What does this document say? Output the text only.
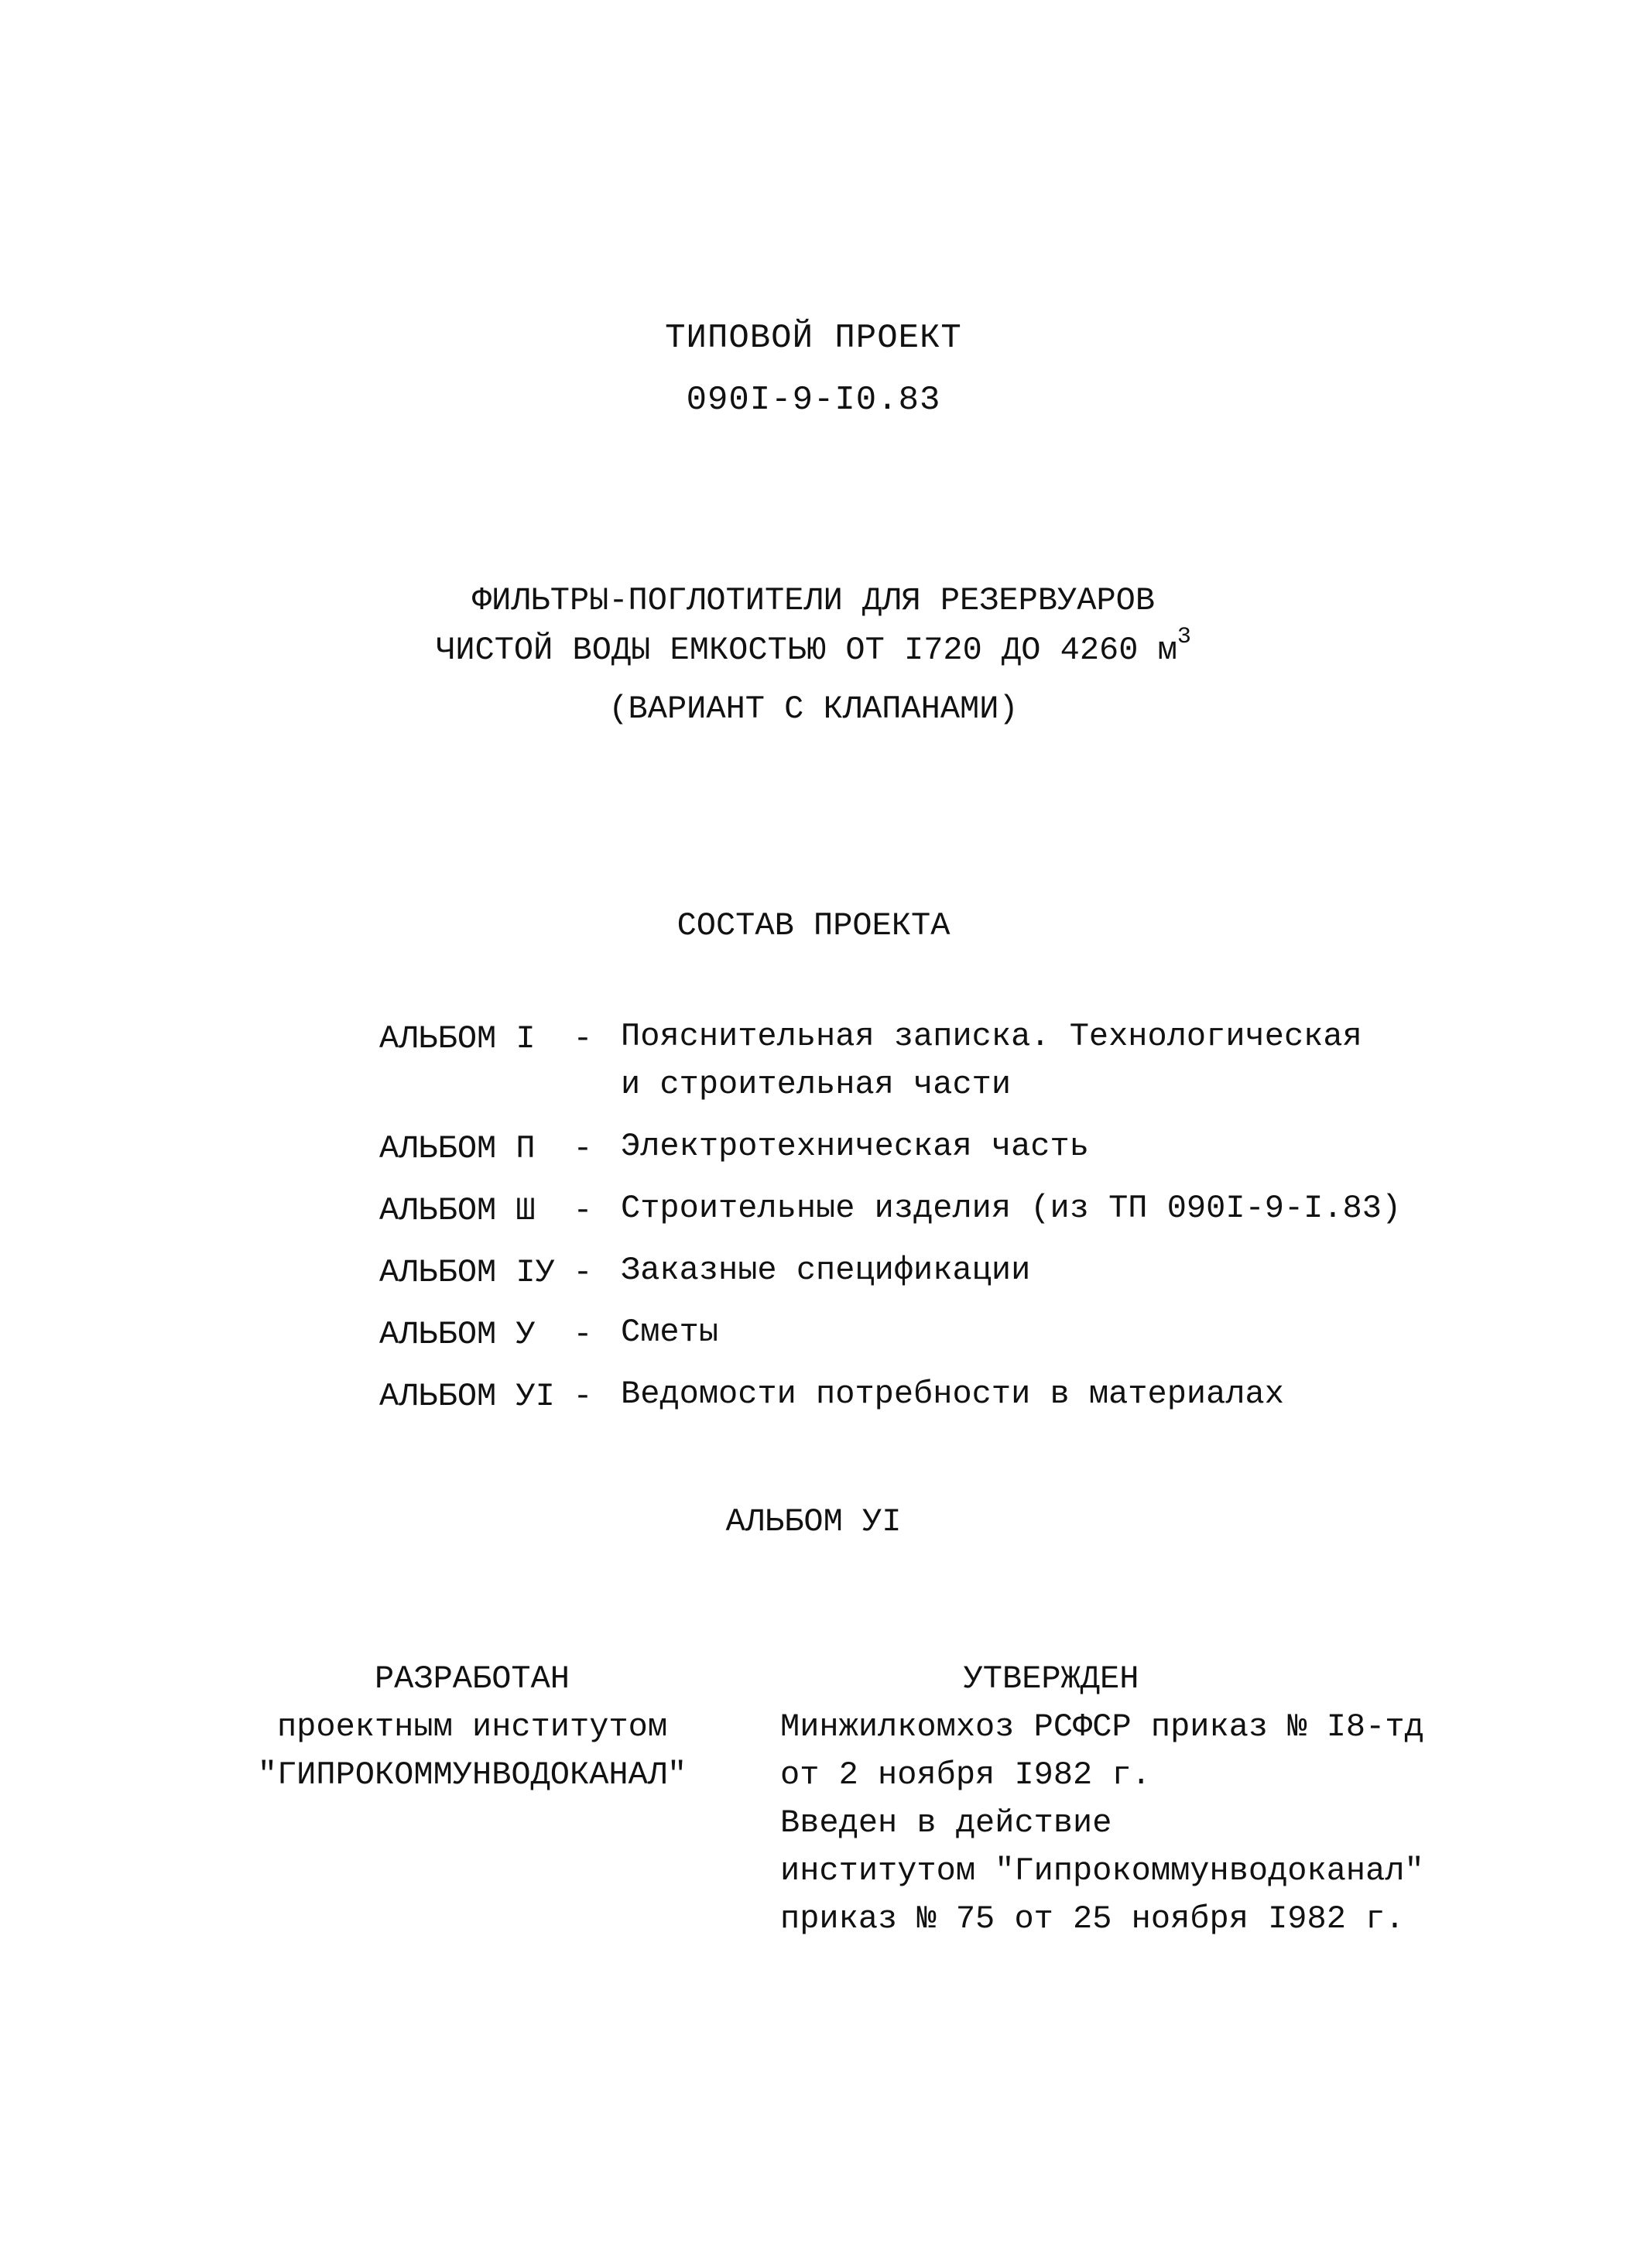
ТИПОВОЙ ПРОЕКТ
090I-9-I0.83
ФИЛЬТРЫ-ПОГЛОТИТЕЛИ ДЛЯ РЕЗЕРВУАРОВ
ЧИСТОЙ ВОДЫ ЕМКОСТЬЮ ОТ I720 ДО 4260 $м^3$
(ВАРИАНТ С КЛАПАНАМИ)
СОСТАВ ПРОЕКТА
АЛЬБОМ I	- Пояснительная записка. Технологическая
и строительная части
АЛЬБОМ П	- Электротехническая часть
АЛЬБОМ Ш	- Строительные изделия (из ТП 090I-9-I.83)
АЛЬБОМ IУ - Заказные спецификации
АЛЬБОМ У	- Сметы
АЛЬБОМ УI - Ведомости потребности в материалах
АЛЬБОМ УI
РАЗРАБОТАН
проектным институтом
"ГИПРОКОММУНВОДОКАНАЛ"
УТВЕРЖДЕН
Минжилкомхоз РСФСР приказ № I8-тд
от 2 ноября I982 г.
Введен в действие
институтом "Гипрокоммунводоканал"
приказ № 75 от 25 ноября I982 г.
